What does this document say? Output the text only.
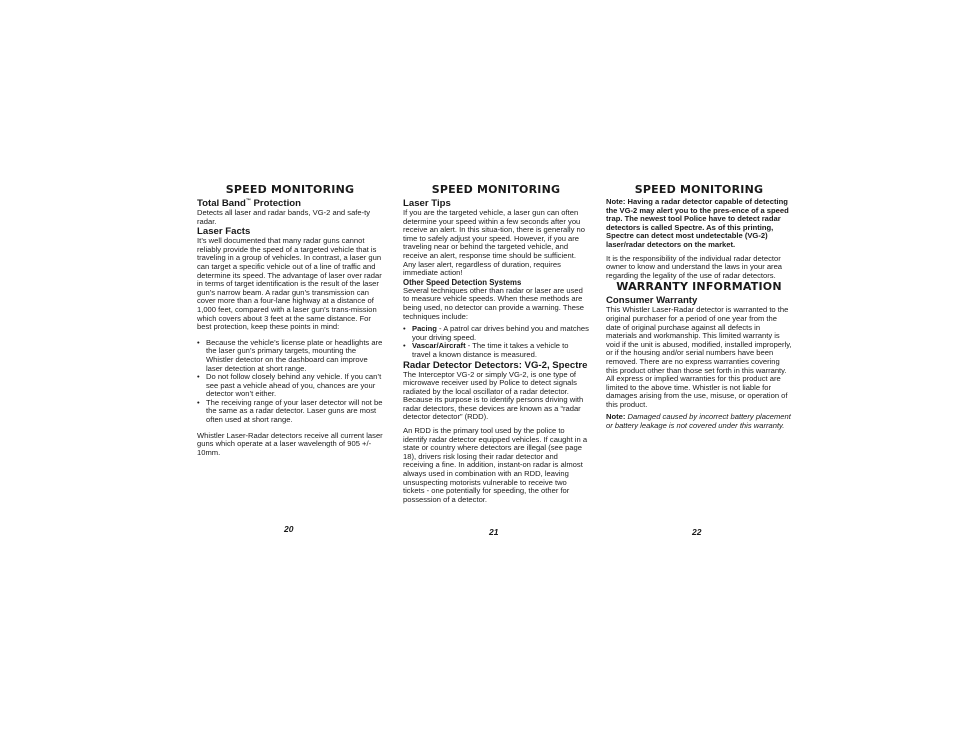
SPEED MONITORING
Total Band™ Protection

Detects all laser and radar bands, VG-2 and safe-ty radar.

Laser Facts

It’s well documented that many radar guns cannot reliably provide the speed of a targeted vehicle that is traveling in a group of vehicles. In contrast, a laser gun can target a specific vehicle out of a line of traffic and determine its speed. The advantage of laser over radar in terms of target identification is the result of the laser gun’s narrow beam. A radar gun’s transmission can cover more than a four-lane highway at a distance of 1,000 feet, compared with a laser gun’s trans-mission which covers about 3 feet at the same distance. For best protection, keep these points in mind:

• Because the vehicle’s license plate or headlights are the laser gun’s primary targets, mounting the Whistler detector on the dashboard can improve laser detection at short range.
• Do not follow closely behind any vehicle. If you can’t see past a vehicle ahead of you, chances are your detector won’t either.
• The receiving range of your laser detector will not be the same as a radar detector. Laser guns are most often used at short range.

Whistler Laser-Radar detectors receive all current laser guns which operate at a laser wavelength of 905 +/- 10mm.

20
SPEED MONITORING
Laser Tips

If you are the targeted vehicle, a laser gun can often determine your speed within a few seconds after you receive an alert. In this situa-tion, there is generally no time to safely adjust your speed. However, if you are traveling near or behind the targeted vehicle, and receive an alert, response time should be sufficient. Any laser alert, regardless of duration, requires immediate action!

Other Speed Detection Systems

Several techniques other than radar or laser are used to measure vehicle speeds. When these methods are being used, no detector can provide a warning. These techniques include:

• Pacing - A patrol car drives behind you and matches your driving speed.
• Vascar/Aircraft - The time it takes a vehicle to travel a known distance is measured.
Radar Detector Detectors: VG-2, Spectre

The Interceptor VG-2 or simply VG-2, is one type of microwave receiver used by Police to detect signals radiated by the local oscillator of a radar detector. Because its purpose is to identify persons driving with radar detectors, these devices are known as a “radar detector detector” (RDD).

An RDD is the primary tool used by the police to identify radar detector equipped vehicles. If caught in a state or country where detectors are illegal (see page 18), drivers risk losing their radar detector and receiving a fine. In addition, instant-on radar is almost always used in combination with an RDD, leaving unsuspecting motorists vulnerable to receive two tickets - one potentially for speeding, the other for possession of a detector.

21
SPEED MONITORING

Note: Having a radar detector capable of detecting the VG-2 may alert you to the pres-ence of a speed trap. The newest tool Police have to detect radar detectors is called Spectre. As of this printing, Spectre can detect most undetectable (VG-2) laser/radar detectors on the market.

It is the responsibility of the individual radar detector owner to know and understand the laws in your area regarding the legality of the use of radar detectors.

WARRANTY INFORMATION
Consumer Warranty

This Whistler Laser-Radar detector is warranted to the original purchaser for a period of one year from the date of original purchase against all defects in materials and workmanship. This limited warranty is void if the unit is abused, modified, installed improperly, or if the housing and/or serial numbers have been removed. There are no express warranties covering this product other than those set forth in this warranty. All express or implied warranties for this product are limited to the above time. Whistler is not liable for damages arising from the use, misuse, or operation of this product.

Note: Damaged caused by incorrect battery placement or battery leakage is not covered under this warranty.

22
